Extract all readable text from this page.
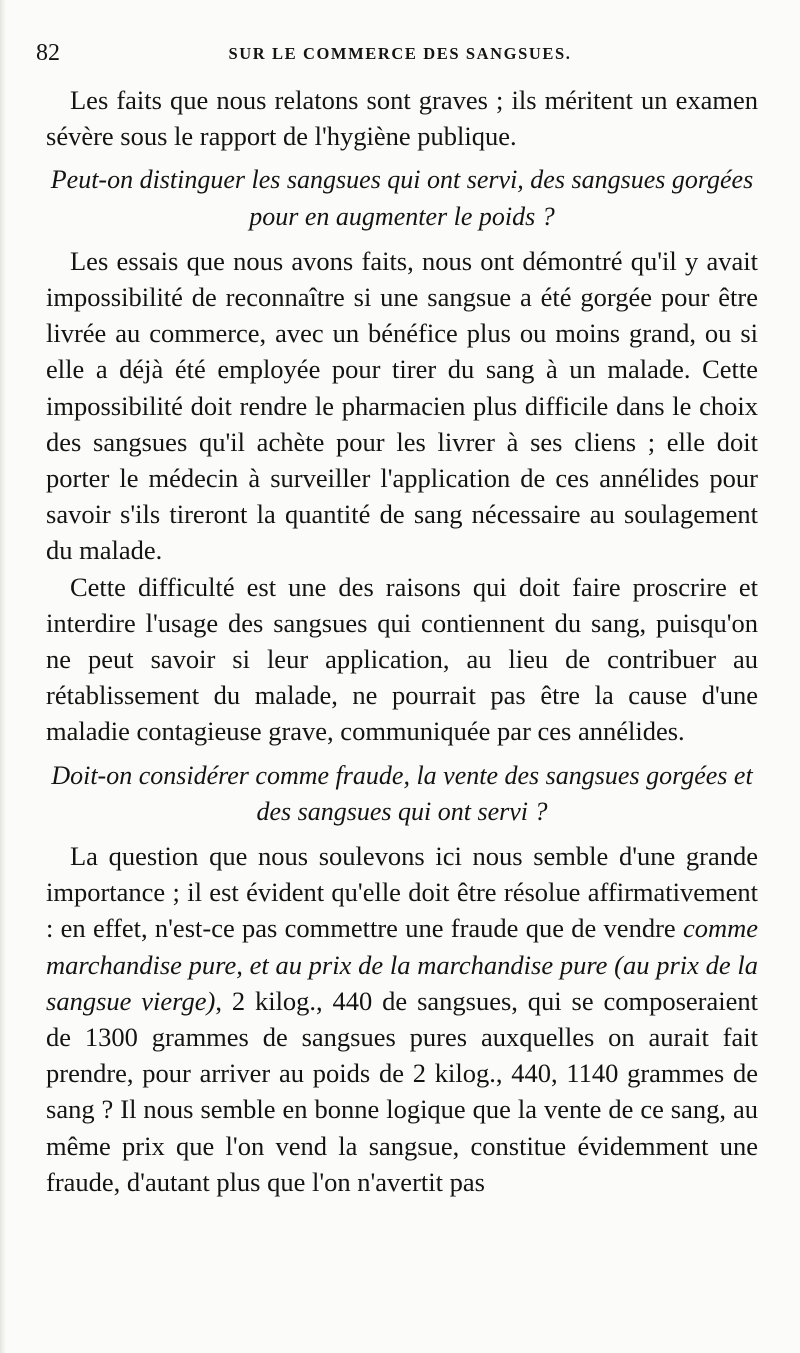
82	SUR LE COMMERCE DES SANGSUES.

Les faits que nous relatons sont graves ; ils méritent un examen sévère sous le rapport de l'hygiène publique.

Peut-on distinguer les sangsues qui ont servi, des sangsues gorgées pour en augmenter le poids ?

Les essais que nous avons faits, nous ont démontré qu'il y avait impossibilité de reconnaître si une sangsue a été gorgée pour être livrée au commerce, avec un bénéfice plus ou moins grand, ou si elle a déjà été employée pour tirer du sang à un malade. Cette impossibilité doit rendre le pharmacien plus difficile dans le choix des sangsues qu'il achète pour les livrer à ses cliens ; elle doit porter le médecin à surveiller l'application de ces annélides pour savoir s'ils tireront la quantité de sang nécessaire au soulagement du malade.

Cette difficulté est une des raisons qui doit faire proscrire et interdire l'usage des sangsues qui contiennent du sang, puisqu'on ne peut savoir si leur application, au lieu de contribuer au rétablissement du malade, ne pourrait pas être la cause d'une maladie contagieuse grave, communiquée par ces annélides.

Doit-on considérer comme fraude, la vente des sangsues gorgées et des sangsues qui ont servi ?

La question que nous soulevons ici nous semble d'une grande importance ; il est évident qu'elle doit être résolue affirmativement : en effet, n'est-ce pas commettre une fraude que de vendre comme marchandise pure, et au prix de la marchandise pure (au prix de la sangsue vierge), 2 kilog., 440 de sangsues, qui se composeraient de 1300 grammes de sangsues pures auxquelles on aurait fait prendre, pour arriver au poids de 2 kilog., 440, 1140 grammes de sang ? Il nous semble en bonne logique que la vente de ce sang, au même prix que l'on vend la sangsue, constitue évidemment une fraude, d'autant plus que l'on n'avertit pas
